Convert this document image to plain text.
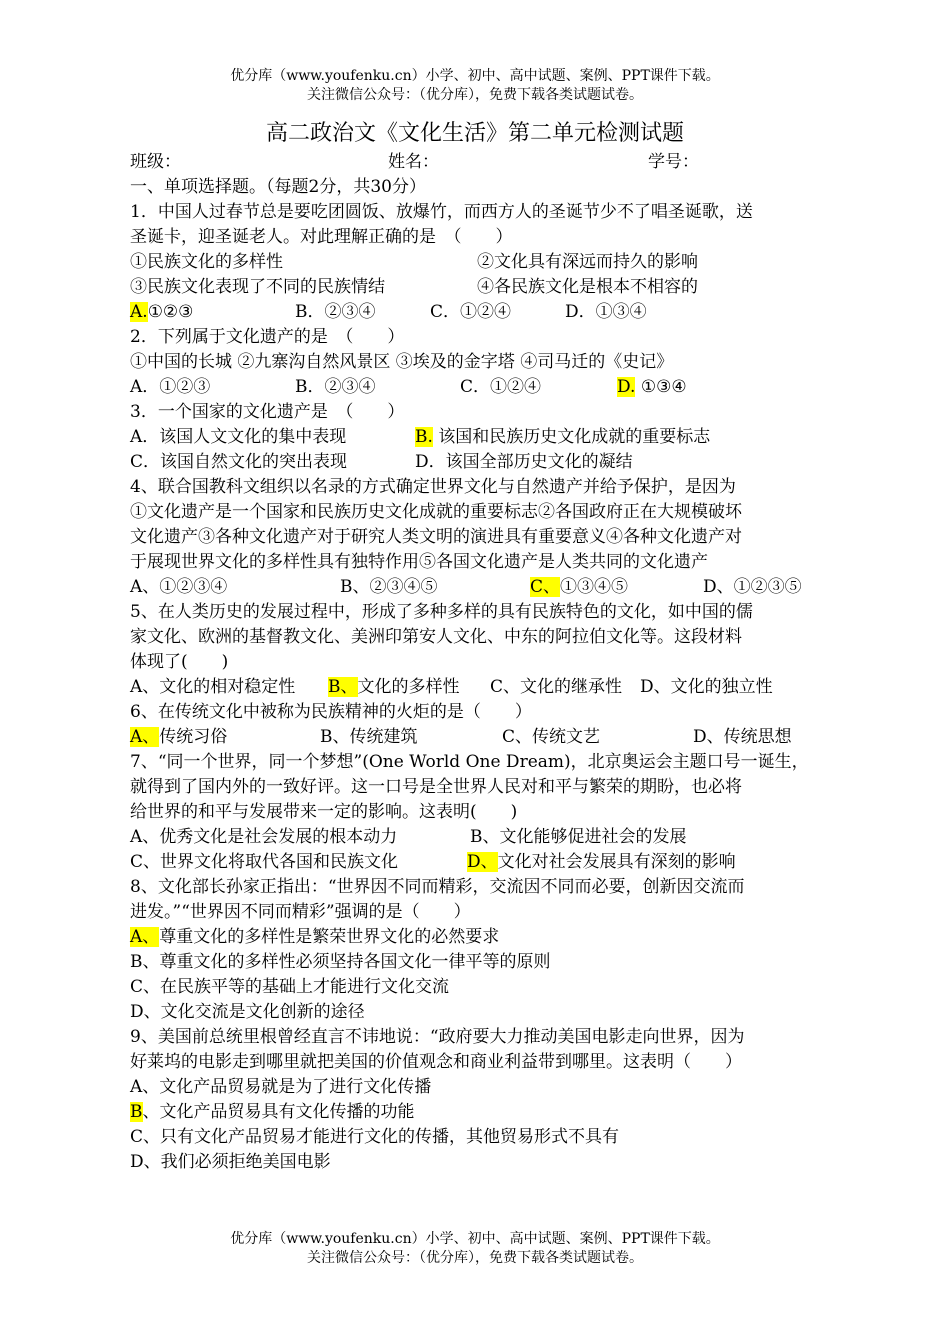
优分库（www.youfenku.cn）小学、初中、高中试题、案例、PPT课件下载。
关注微信公众号：（优分库），免费下载各类试题试卷。
高二政治文《文化生活》第二单元检测试题
班级：	姓名：	学号：
一、单项选择题。（每题2分，共30分）
1．中国人过春节总是要吃团圆饭、放爆竹，而西方人的圣诞节少不了唱圣诞歌，送
圣诞卡，迎圣诞老人。对此理解正确的是　（　　）
①民族文化的多样性	②文化具有深远而持久的影响
③民族文化表现了不同的民族情结	④各民族文化是根本不相容的
A.①②③	B．②③④	C．①②④	D．①③④
2．下列属于文化遗产的是　（　　）
①中国的长城 ②九寨沟自然风景区 ③埃及的金字塔 ④司马迁的《史记》
A．①②③	B．②③④	C．①②④	D. ①③④
3．一个国家的文化遗产是　（　　）
A．该国人文文化的集中表现	B. 该国和民族历史文化成就的重要标志
C．该国自然文化的突出表现	D．该国全部历史文化的凝结
4、联合国教科文组织以名录的方式确定世界文化与自然遗产并给予保护，是因为
①文化遗产是一个国家和民族历史文化成就的重要标志②各国政府正在大规模破坏
文化遗产③各种文化遗产对于研究人类文明的演进具有重要意义④各种文化遗产对
于展现世界文化的多样性具有独特作用⑤各国文化遗产是人类共同的文化遗产
A、①②③④	B、②③④⑤	C、①③④⑤	D、①②③⑤
5、在人类历史的发展过程中，形成了多种多样的具有民族特色的文化，如中国的儒
家文化、欧洲的基督教文化、美洲印第安人文化、中东的阿拉伯文化等。这段材料
体现了(　　)
A、文化的相对稳定性 B、文化的多样性 C、文化的继承性 D、文化的独立性
6、在传统文化中被称为民族精神的火炬的是（　　）
A、传统习俗	B、传统建筑	C、传统文艺	D、传统思想
7、“同一个世界，同一个梦想”(One World One Dream)，北京奥运会主题口号一诞生，
就得到了国内外的一致好评。这一口号是全世界人民对和平与繁荣的期盼，也必将
给世界的和平与发展带来一定的影响。这表明(　　)
A、优秀文化是社会发展的根本动力	B、文化能够促进社会的发展
C、世界文化将取代各国和民族文化	D、文化对社会发展具有深刻的影响
8、文化部长孙家正指出：“世界因不同而精彩，交流因不同而必要，创新因交流而
进发。”“世界因不同而精彩”强调的是（　　）
A、尊重文化的多样性是繁荣世界文化的必然要求
B、尊重文化的多样性必须坚持各国文化一律平等的原则
C、在民族平等的基础上才能进行文化交流
D、文化交流是文化创新的途径
9、美国前总统里根曾经直言不讳地说：“政府要大力推动美国电影走向世界，因为
好莱坞的电影走到哪里就把美国的价值观念和商业利益带到哪里。这表明（　　）
A、文化产品贸易就是为了进行文化传播
B、文化产品贸易具有文化传播的功能
C、只有文化产品贸易才能进行文化的传播，其他贸易形式不具有
D、我们必须拒绝美国电影
优分库（www.youfenku.cn）小学、初中、高中试题、案例、PPT课件下载。
关注微信公众号：（优分库），免费下载各类试题试卷。
